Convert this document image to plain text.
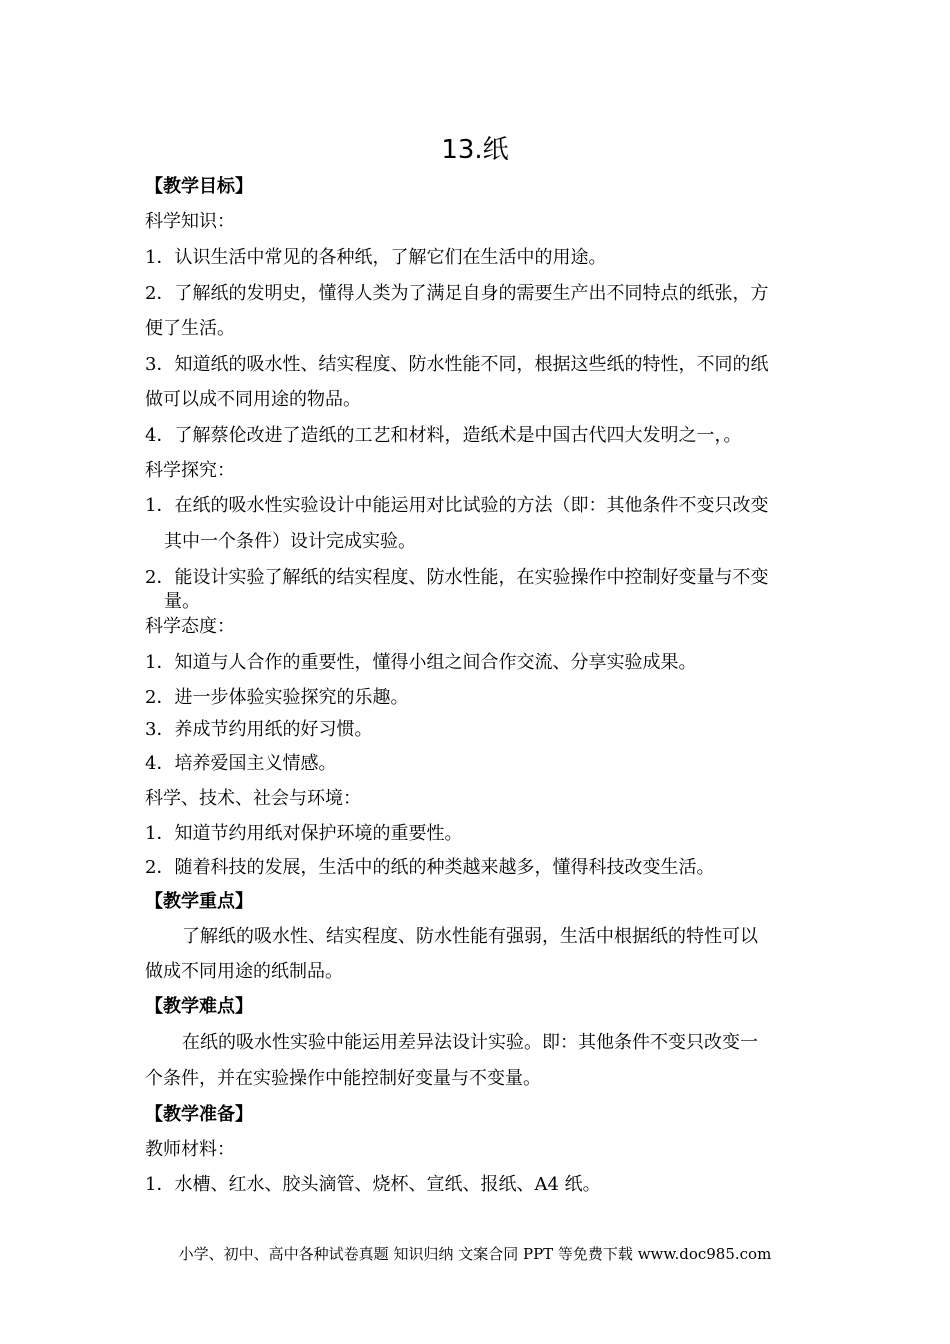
13.纸
【教学目标】
科学知识：
1．认识生活中常见的各种纸，了解它们在生活中的用途。
2．了解纸的发明史，懂得人类为了满足自身的需要生产出不同特点的纸张，方
便了生活。
3．知道纸的吸水性、结实程度、防水性能不同，根据这些纸的特性，不同的纸
做可以成不同用途的物品。
4．了解蔡伦改进了造纸的工艺和材料，造纸术是中国古代四大发明之一，。
科学探究：
1．在纸的吸水性实验设计中能运用对比试验的方法（即：其他条件不变只改变
其中一个条件）设计完成实验。
2．能设计实验了解纸的结实程度、防水性能，在实验操作中控制好变量与不变
量。
科学态度：
1．知道与人合作的重要性，懂得小组之间合作交流、分享实验成果。
2．进一步体验实验探究的乐趣。
3．养成节约用纸的好习惯。
4．培养爱国主义情感。
科学、技术、社会与环境：
1．知道节约用纸对保护环境的重要性。
2．随着科技的发展，生活中的纸的种类越来越多，懂得科技改变生活。
【教学重点】
了解纸的吸水性、结实程度、防水性能有强弱，生活中根据纸的特性可以
做成不同用途的纸制品。
【教学难点】
在纸的吸水性实验中能运用差异法设计实验。即：其他条件不变只改变一
个条件，并在实验操作中能控制好变量与不变量。
【教学准备】
教师材料：
1．水槽、红水、胶头滴管、烧杯、宣纸、报纸、A4 纸。
小学、初中、高中各种试卷真题 知识归纳 文案合同 PPT 等免费下载 www.doc985.com
